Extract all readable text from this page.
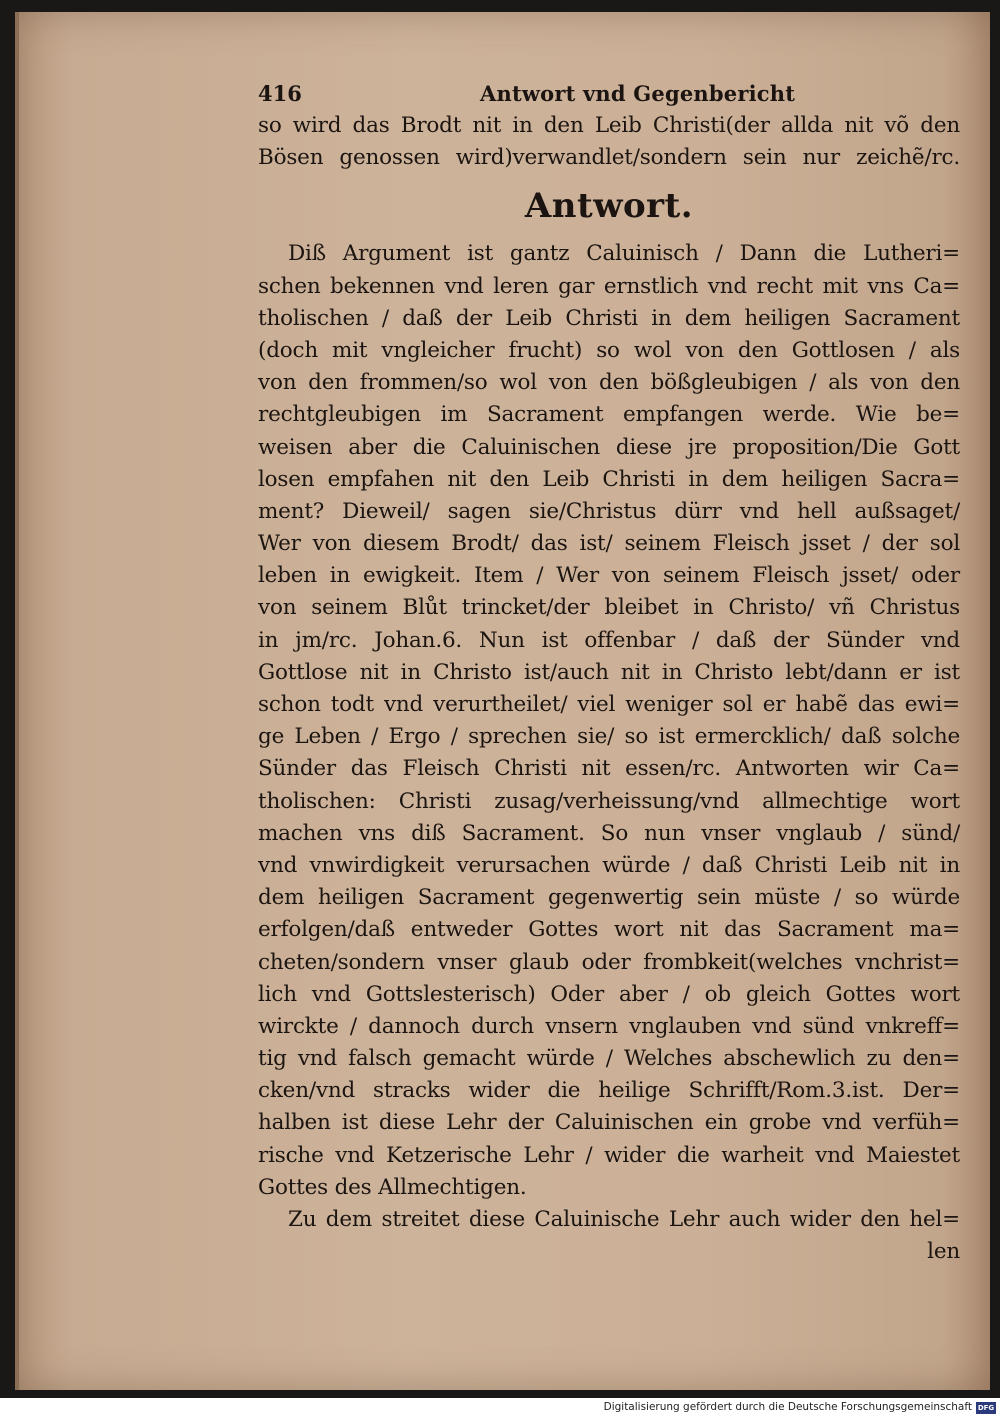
416	Antwort vnd Gegenbericht
so wird das Brodt nit in den Leib Christi(der allda nit võ den
Bösen genossen wird)verwandlet/sondern sein nur zeichẽ/rc.
Antwort.
Diß Argument ist gantz Caluinisch / Dann die Lutheri=
schen bekennen vnd leren gar ernstlich vnd recht mit vns Ca=
tholischen / daß der Leib Christi in dem heiligen Sacrament
(doch mit vngleicher frucht) so wol von den Gottlosen / als
von den frommen/so wol von den bößgleubigen / als von den
rechtgleubigen im Sacrament empfangen werde. Wie be=
weisen aber die Caluinischen diese jre proposition/Die Gott
losen empfahen nit den Leib Christi in dem heiligen Sacra=
ment? Dieweil/ sagen sie/Christus dürr vnd hell außsaget/
Wer von diesem Brodt/ das ist/ seinem Fleisch jsset / der sol
leben in ewigkeit. Item / Wer von seinem Fleisch jsset/ oder
von seinem Blůt trincket/der bleibet in Christo/ vñ Christus
in jm/rc. Johan.6. Nun ist offenbar / daß der Sünder vnd
Gottlose nit in Christo ist/auch nit in Christo lebt/dann er ist
schon todt vnd verurtheilet/ viel weniger sol er habẽ das ewi=
ge Leben / Ergo / sprechen sie/ so ist ermercklich/ daß solche
Sünder das Fleisch Christi nit essen/rc. Antworten wir Ca=
tholischen: Christi zusag/verheissung/vnd allmechtige wort
machen vns diß Sacrament. So nun vnser vnglaub / sünd/
vnd vnwirdigkeit verursachen würde / daß Christi Leib nit in
dem heiligen Sacrament gegenwertig sein müste / so würde
erfolgen/daß entweder Gottes wort nit das Sacrament ma=
cheten/sondern vnser glaub oder frombkeit(welches vnchrist=
lich vnd Gottslesterisch) Oder aber / ob gleich Gottes wort
wirckte / dannoch durch vnsern vnglauben vnd sünd vnkreff=
tig vnd falsch gemacht würde / Welches abschewlich zu den=
cken/vnd stracks wider die heilige Schrifft/Rom.3.ist. Der=
halben ist diese Lehr der Caluinischen ein grobe vnd verfüh=
rische vnd Ketzerische Lehr / wider die warheit vnd Maiestet
Gottes des Allmechtigen.
Zu dem streitet diese Caluinische Lehr auch wider den hel=
len
Digitalisierung gefördert durch die Deutsche Forschungsgemeinschaft DFG
